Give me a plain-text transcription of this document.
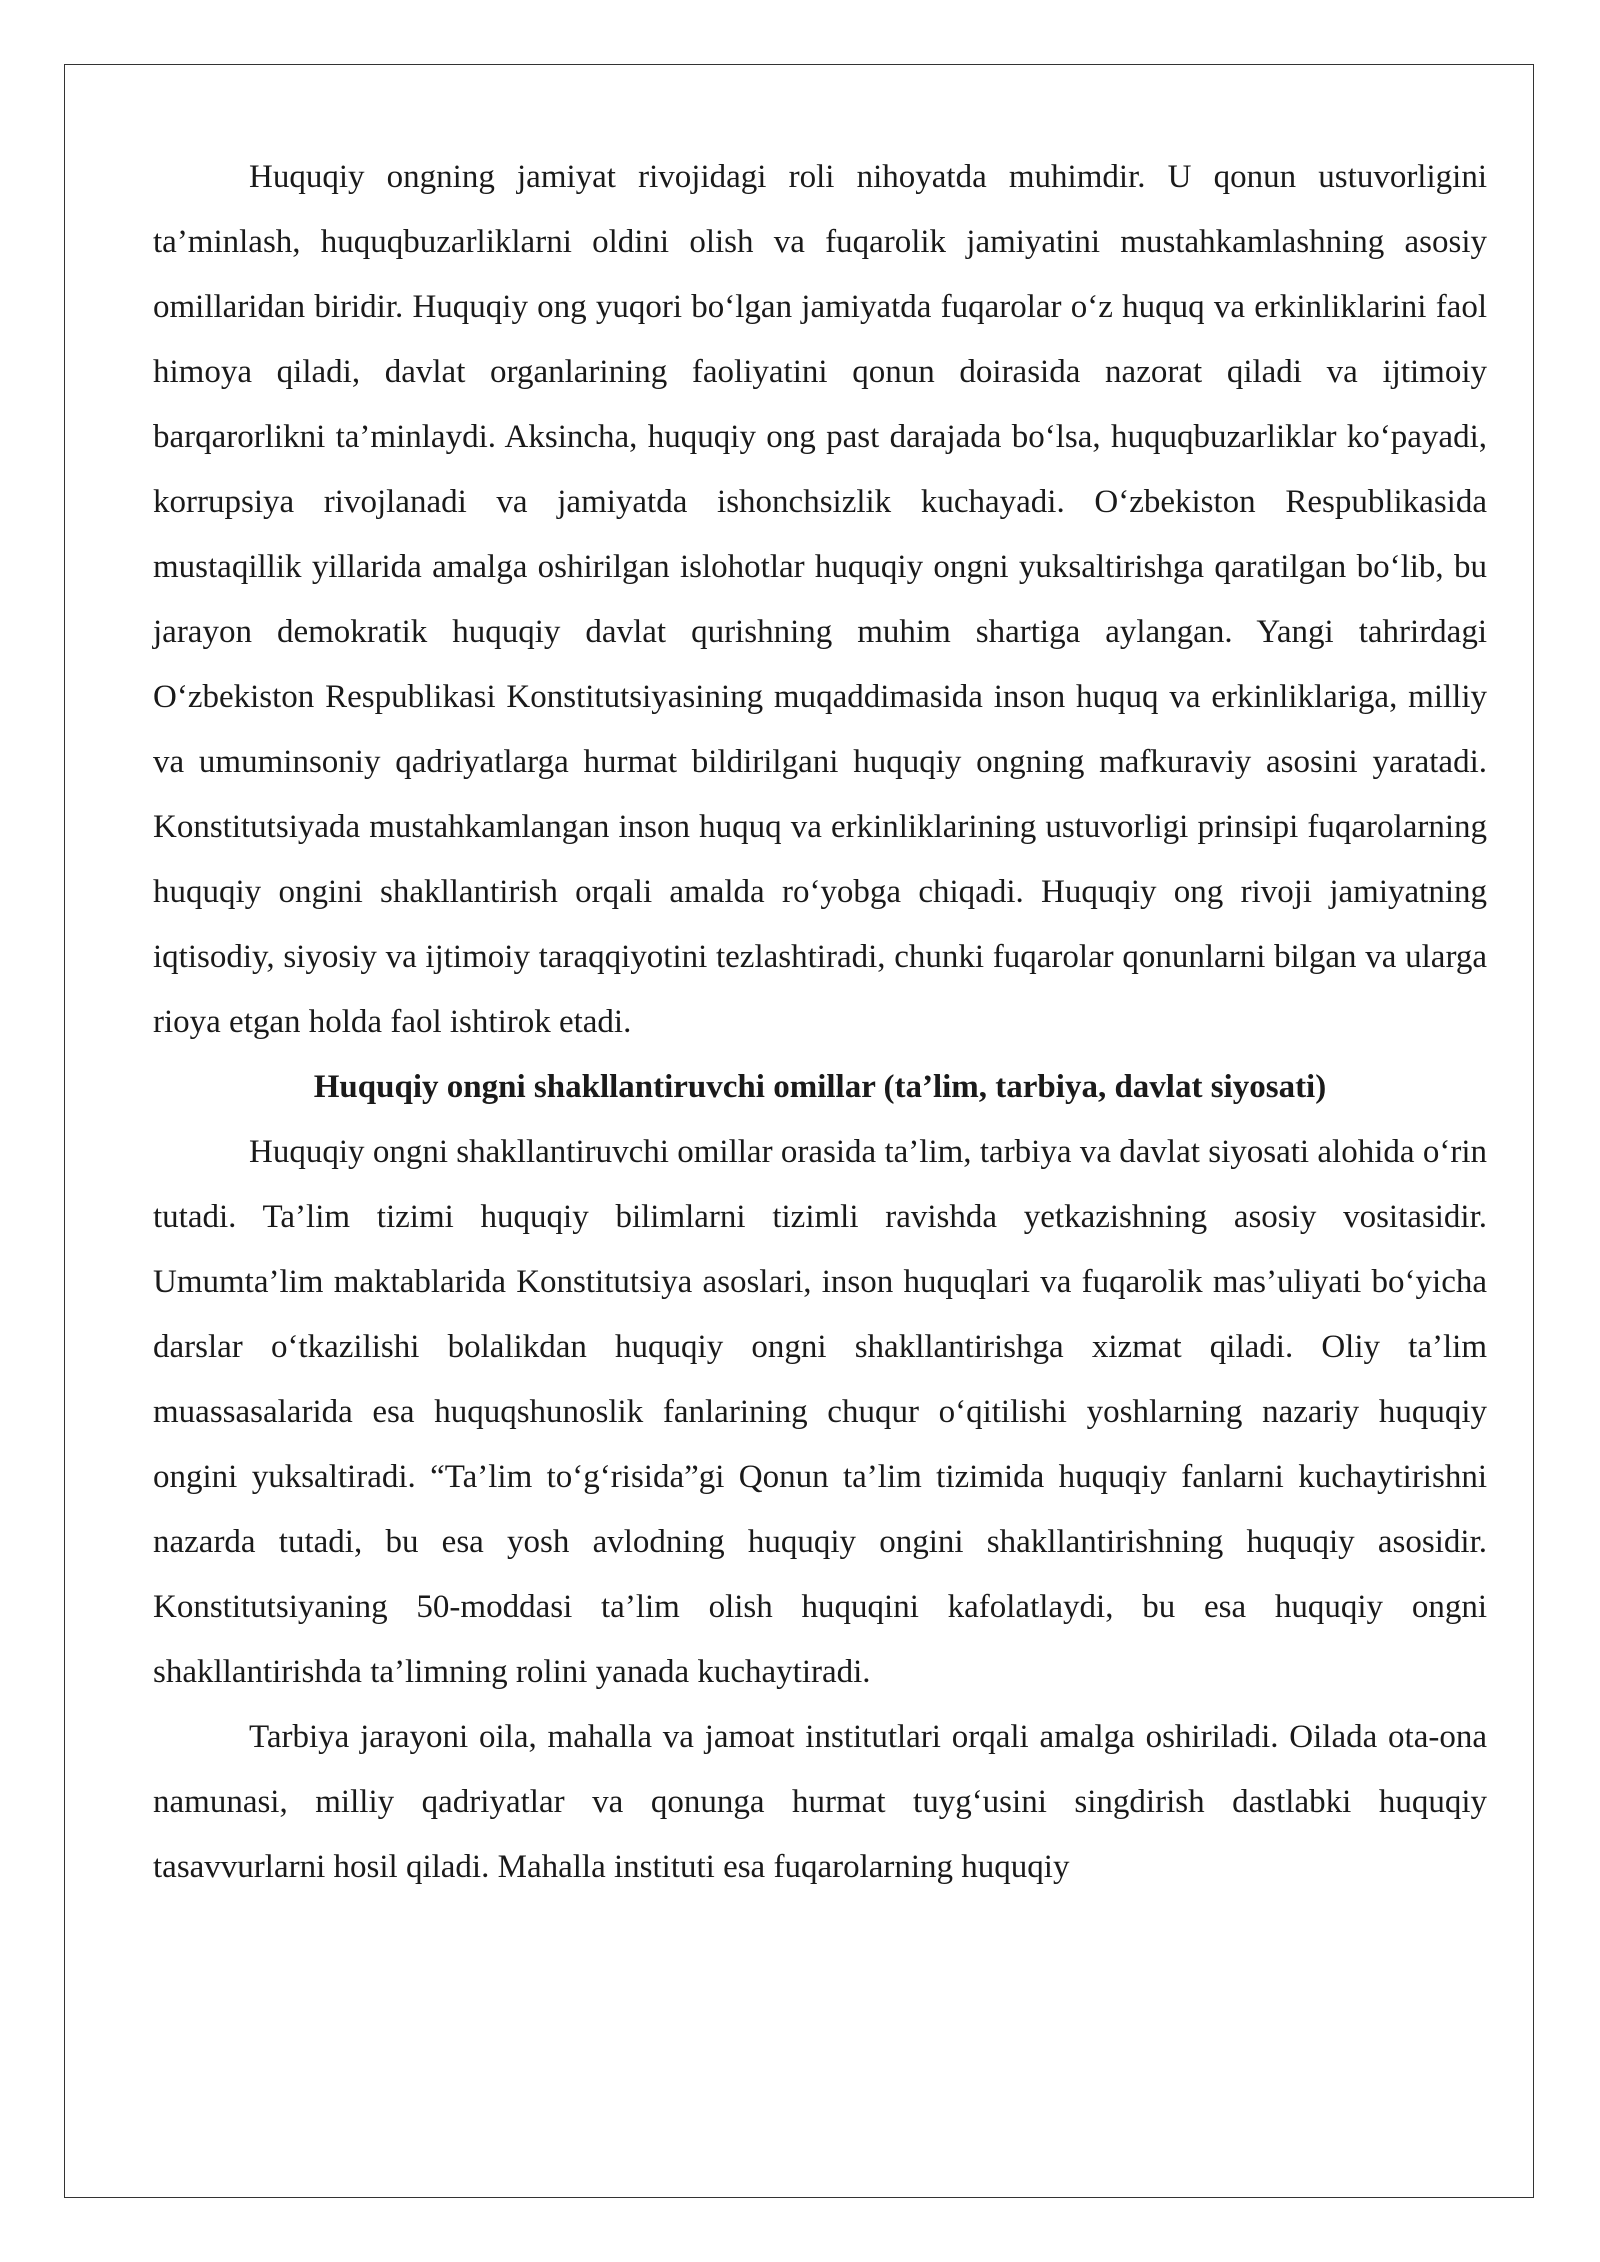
Huquqiy ongning jamiyat rivojidagi roli nihoyatda muhimdir. U qonun ustuvorligini ta’minlash, huquqbuzarliklarni oldini olish va fuqarolik jamiyatini mustahkamlashning asosiy omillaridan biridir. Huquqiy ong yuqori bo‘lgan jamiyatda fuqarolar o‘z huquq va erkinliklarini faol himoya qiladi, davlat organlarining faoliyatini qonun doirasida nazorat qiladi va ijtimoiy barqarorlikni ta’minlaydi. Aksincha, huquqiy ong past darajada bo‘lsa, huquqbuzarliklar ko‘payadi, korrupsiya rivojlanadi va jamiyatda ishonchsizlik kuchayadi. O‘zbekiston Respublikasida mustaqillik yillarida amalga oshirilgan islohotlar huquqiy ongni yuksaltirishga qaratilgan bo‘lib, bu jarayon demokratik huquqiy davlat qurishning muhim shartiga aylangan. Yangi tahrirdagi O‘zbekiston Respublikasi Konstitutsiyasining muqaddimasida inson huquq va erkinliklariga, milliy va umuminsoniy qadriyatlarga hurmat bildirilgani huquqiy ongning mafkuraviy asosini yaratadi. Konstitutsiyada mustahkamlangan inson huquq va erkinliklarining ustuvorligi prinsipi fuqarolarning huquqiy ongini shakllantirish orqali amalda ro‘yobga chiqadi. Huquqiy ong rivoji jamiyatning iqtisodiy, siyosiy va ijtimoiy taraqqiyotini tezlashtiradi, chunki fuqarolar qonunlarni bilgan va ularga rioya etgan holda faol ishtirok etadi.

Huquqiy ongni shakllantiruvchi omillar (ta’lim, tarbiya, davlat siyosati)

Huquqiy ongni shakllantiruvchi omillar orasida ta’lim, tarbiya va davlat siyosati alohida o‘rin tutadi. Ta’lim tizimi huquqiy bilimlarni tizimli ravishda yetkazishning asosiy vositasidir. Umumta’lim maktablarida Konstitutsiya asoslari, inson huquqlari va fuqarolik mas’uliyati bo‘yicha darslar o‘tkazilishi bolalikdan huquqiy ongni shakllantirishga xizmat qiladi. Oliy ta’lim muassasalarida esa huquqshunoslik fanlarining chuqur o‘qitilishi yoshlarning nazariy huquqiy ongini yuksaltiradi. “Ta’lim to‘g‘risida”gi Qonun ta’lim tizimida huquqiy fanlarni kuchaytirishni nazarda tutadi, bu esa yosh avlodning huquqiy ongini shakllantirishning huquqiy asosidir. Konstitutsiyaning 50-moddasi ta’lim olish huquqini kafolatlaydi, bu esa huquqiy ongni shakllantirishda ta’limning rolini yanada kuchaytiradi.

Tarbiya jarayoni oila, mahalla va jamoat institutlari orqali amalga oshiriladi. Oilada ota-ona namunasi, milliy qadriyatlar va qonunga hurmat tuyg‘usini singdirish dastlabki huquqiy tasavvurlarni hosil qiladi. Mahalla instituti esa fuqarolarning huquqiy
